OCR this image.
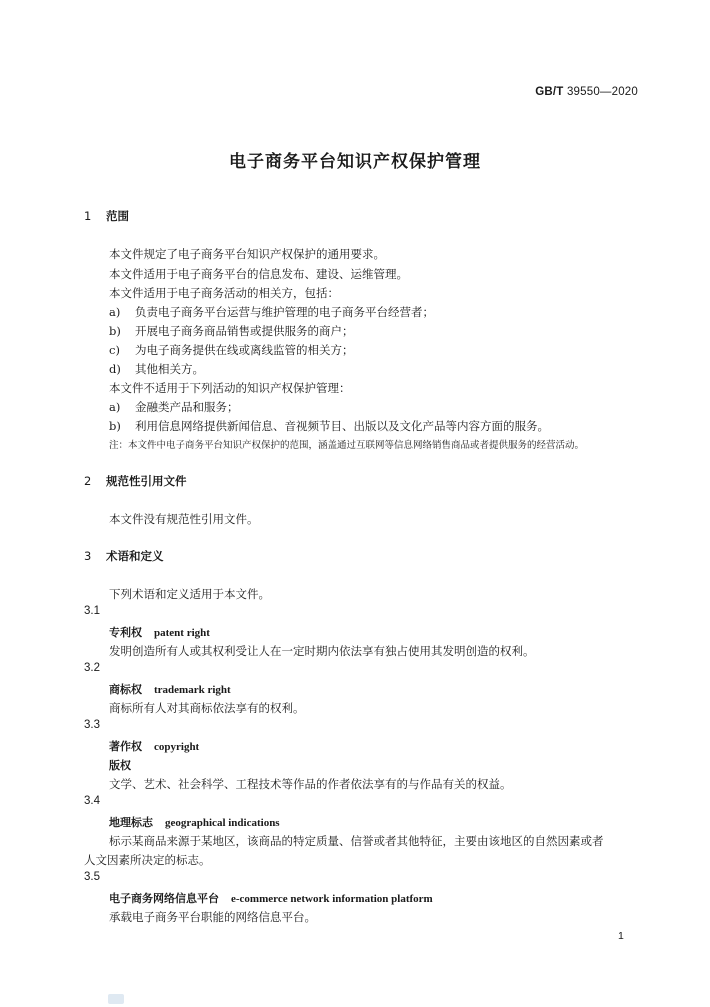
GB/T 39550—2020
电子商务平台知识产权保护管理
1 范围
本文件规定了电子商务平台知识产权保护的通用要求。
本文件适用于电子商务平台的信息发布、建设、运维管理。
本文件适用于电子商务活动的相关方，包括：
a) 负责电子商务平台运营与维护管理的电子商务平台经营者；
b) 开展电子商务商品销售或提供服务的商户；
c) 为电子商务提供在线或离线监管的相关方；
d) 其他相关方。
本文件不适用于下列活动的知识产权保护管理：
a) 金融类产品和服务；
b) 利用信息网络提供新闻信息、音视频节目、出版以及文化产品等内容方面的服务。
注：本文件中电子商务平台知识产权保护的范围，涵盖通过互联网等信息网络销售商品或者提供服务的经营活动。
2 规范性引用文件
本文件没有规范性引用文件。
3 术语和定义
下列术语和定义适用于本文件。
3.1
专利权 patent right
发明创造所有人或其权利受让人在一定时期内依法享有独占使用其发明创造的权利。
3.2
商标权 trademark right
商标所有人对其商标依法享有的权利。
3.3
著作权 copyright
版权
文学、艺术、社会科学、工程技术等作品的作者依法享有的与作品有关的权益。
3.4
地理标志 geographical indications
标示某商品来源于某地区，该商品的特定质量、信誉或者其他特征，主要由该地区的自然因素或者
人文因素所决定的标志。
3.5
电子商务网络信息平台 e-commerce network information platform
承载电子商务平台职能的网络信息平台。
1
